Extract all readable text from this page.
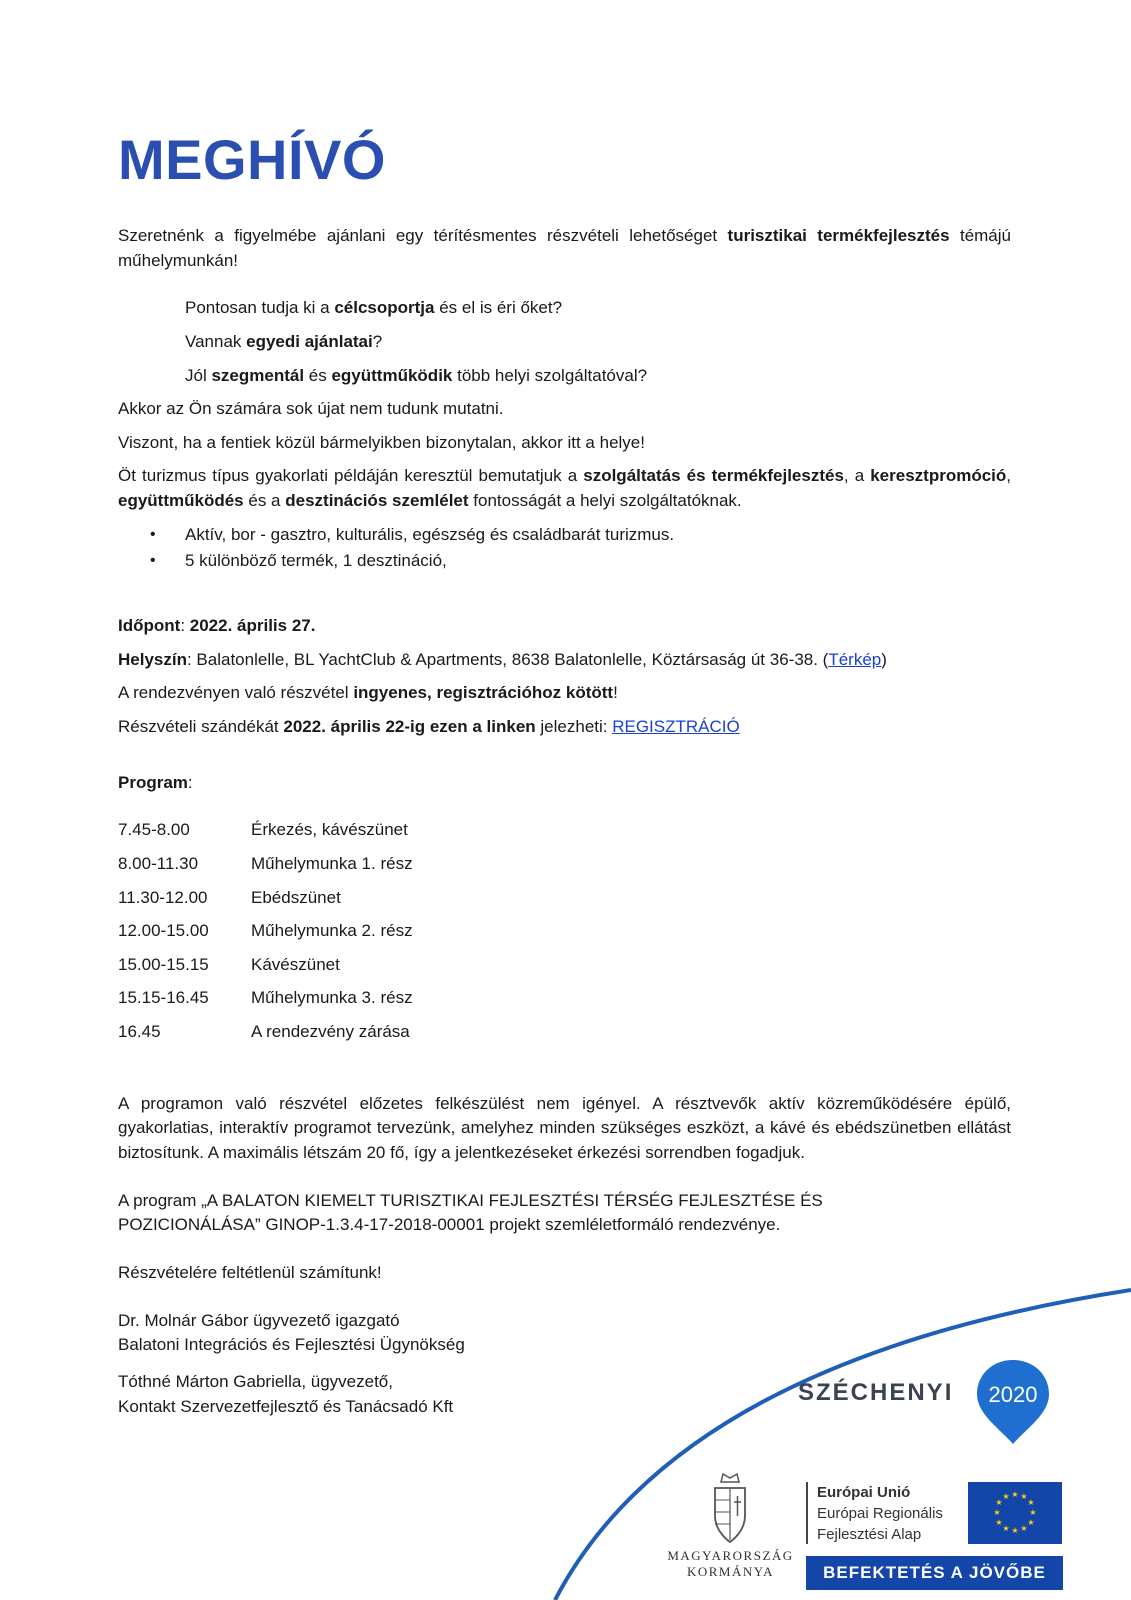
MEGHÍVÓ

Szeretnénk a figyelmébe ajánlani egy térítésmentes részvételi lehetőséget turisztikai termékfejlesztés témájú műhelymunkán!

Pontosan tudja ki a célcsoportja és el is éri őket?

Vannak egyedi ajánlatai?

Jól szegmentál és együttműködik több helyi szolgáltatóval?

Akkor az Ön számára sok újat nem tudunk mutatni.

Viszont, ha a fentiek közül bármelyikben bizonytalan, akkor itt a helye!

Öt turizmus típus gyakorlati példáján keresztül bemutatjuk a szolgáltatás és termékfejlesztés, a keresztpromóció, együttműködés és a desztinációs szemlélet fontosságát a helyi szolgáltatóknak.

• Aktív, bor - gasztro, kulturális, egészség és családbarát turizmus.
• 5 különböző termék, 1 desztináció,

Időpont: 2022. április 27.

Helyszín: Balatonlelle, BL YachtClub & Apartments, 8638 Balatonlelle, Köztársaság út 36-38. (Térkép)

A rendezvényen való részvétel ingyenes, regisztrációhoz kötött!

Részvételi szándékát 2022. április 22-ig ezen a linken jelezheti: REGISZTRÁCIÓ

Program:

7.45-8.00	Érkezés, kávészünet
8.00-11.30	Műhelymunka 1. rész
11.30-12.00	Ebédszünet
12.00-15.00	Műhelymunka 2. rész
15.00-15.15	Kávészünet
15.15-16.45	Műhelymunka 3. rész
16.45	A rendezvény zárása

A programon való részvétel előzetes felkészülést nem igényel. A résztvevők aktív közreműködésére épülő, gyakorlatias, interaktív programot tervezünk, amelyhez minden szükséges eszközt, a kávé és ebédszünetben ellátást biztosítunk. A maximális létszám 20 fő, így a jelentkezéseket érkezési sorrendben fogadjuk.

A program „A BALATON KIEMELT TURISZTIKAI FEJLESZTÉSI TÉRSÉG FEJLESZTÉSE ÉS POZICIONÁLÁSA” GINOP-1.3.4-17-2018-00001 projekt szemléletformáló rendezvénye.

Részvételére feltétlenül számítunk!

Dr. Molnár Gábor ügyvezető igazgató
Balatoni Integrációs és Fejlesztési Ügynökség

Tóthné Márton Gabriella, ügyvezető,
Kontakt Szervezetfejlesztő és Tanácsadó Kft	SZÉCHENYI 2020
MAGYARORSZÁG
KORMÁNYA
Európai Unió
Európai Regionális
Fejlesztési Alap
★ ★
★
★
★
★
★
★
★
★
★
★
BEFEKTETÉS A JÖVŐBE
